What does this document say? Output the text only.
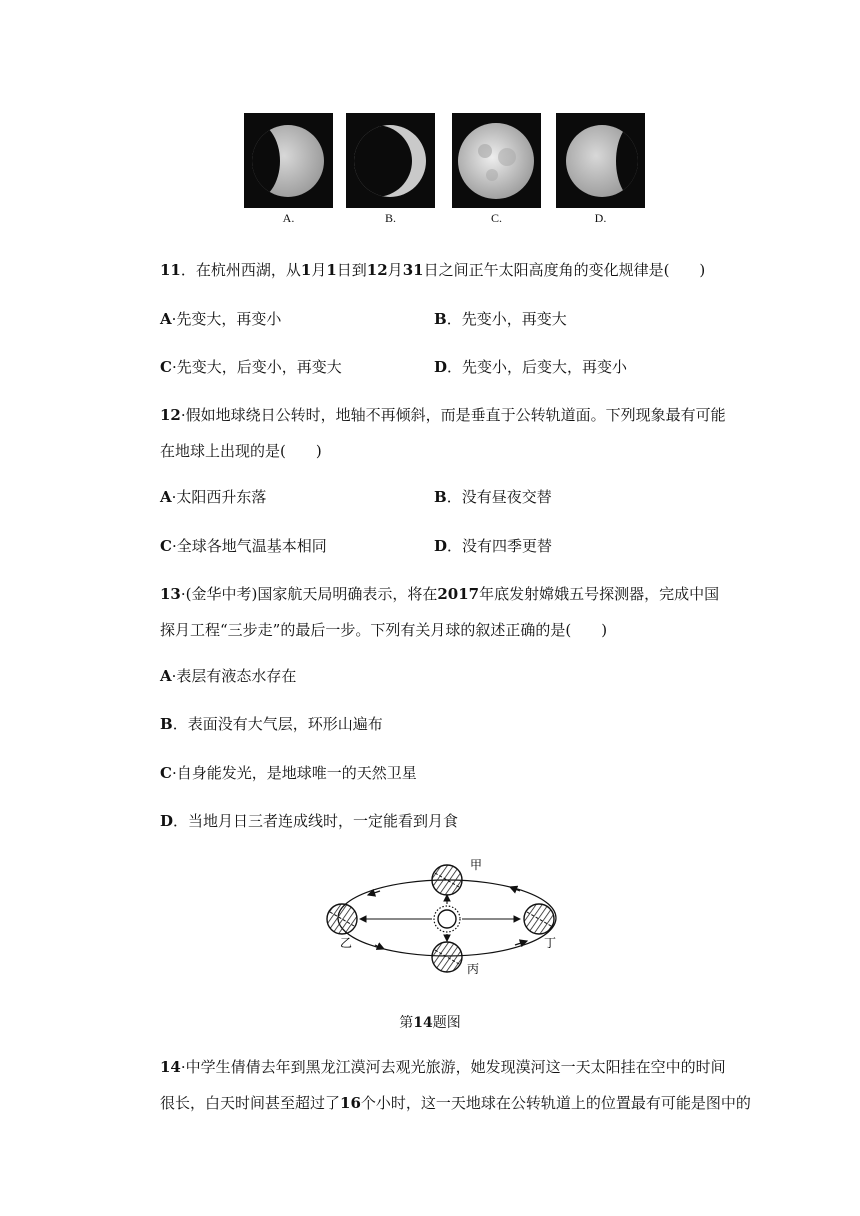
A.	B.	C.	D.
11．在杭州西湖，从1月1日到12月31日之间正午太阳高度角的变化规律是(　　)
A·先变大，再变小	B．先变小，再变大
C·先变大，后变小，再变大	D．先变小，后变大，再变小
12·假如地球绕日公转时，地轴不再倾斜，而是垂直于公转轨道面。下列现象最有可能
在地球上出现的是(　　)
A·太阳西升东落	B．没有昼夜交替
C·全球各地气温基本相同	D．没有四季更替
13·(金华中考)国家航天局明确表示，将在2017年底发射嫦娥五号探测器，完成中国
探月工程“三步走”的最后一步。下列有关月球的叙述正确的是(　　)
A·表层有液态水存在
B．表面没有大气层，环形山遍布
C·自身能发光，是地球唯一的天然卫星
D．当地月日三者连成线时，一定能看到月食
甲
乙
丙
丁
第14题图
14·中学生倩倩去年到黑龙江漠河去观光旅游，她发现漠河这一天太阳挂在空中的时间
很长，白天时间甚至超过了16个小时，这一天地球在公转轨道上的位置最有可能是图中的
